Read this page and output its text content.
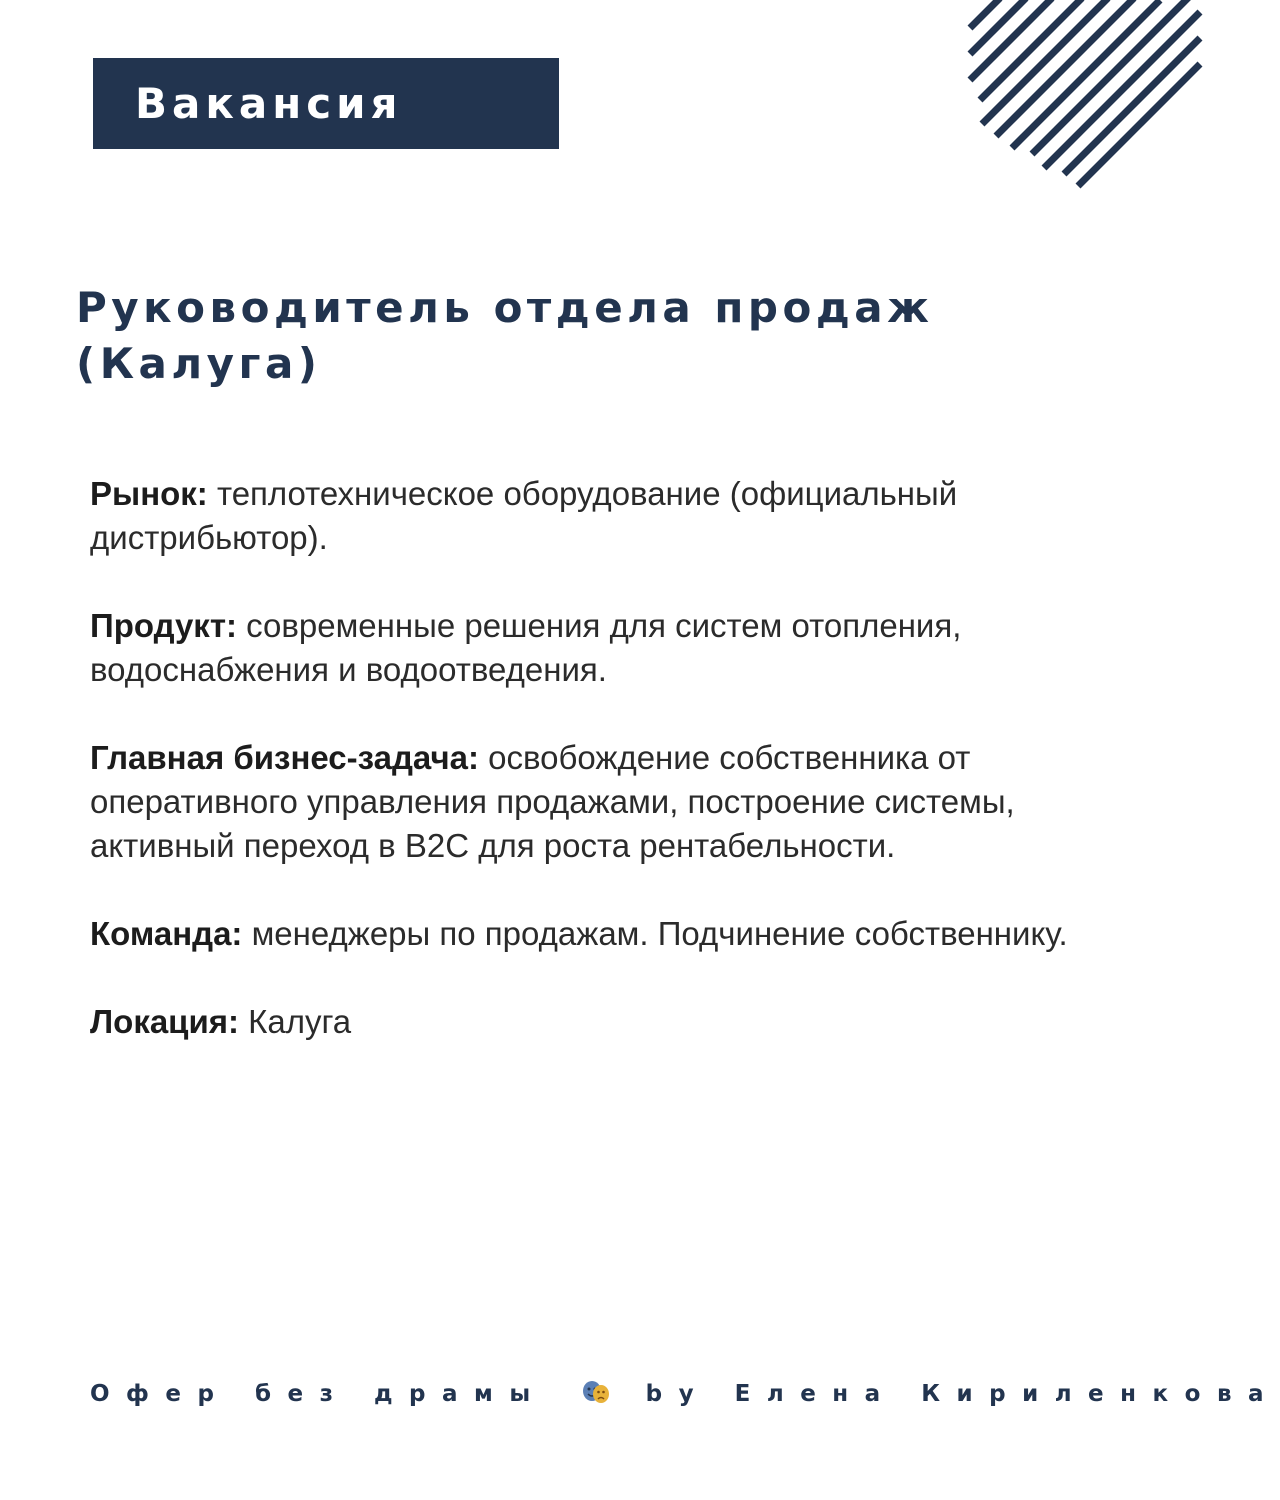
Вакансия
Руководитель отдела продаж (Калуга)

Рынок: теплотехническое оборудование (официальный дистрибьютор).

Продукт: современные решения для систем отопления, водоснабжения и водоотведения.

Главная бизнес-задача: освобождение собственника от оперативного управления продажами, построение системы, активный переход в B2C для роста рентабельности.

Команда: менеджеры по продажам. Подчинение собственнику.

Локация: Калуга

Офер без драмы	by Елена Кириленкова
